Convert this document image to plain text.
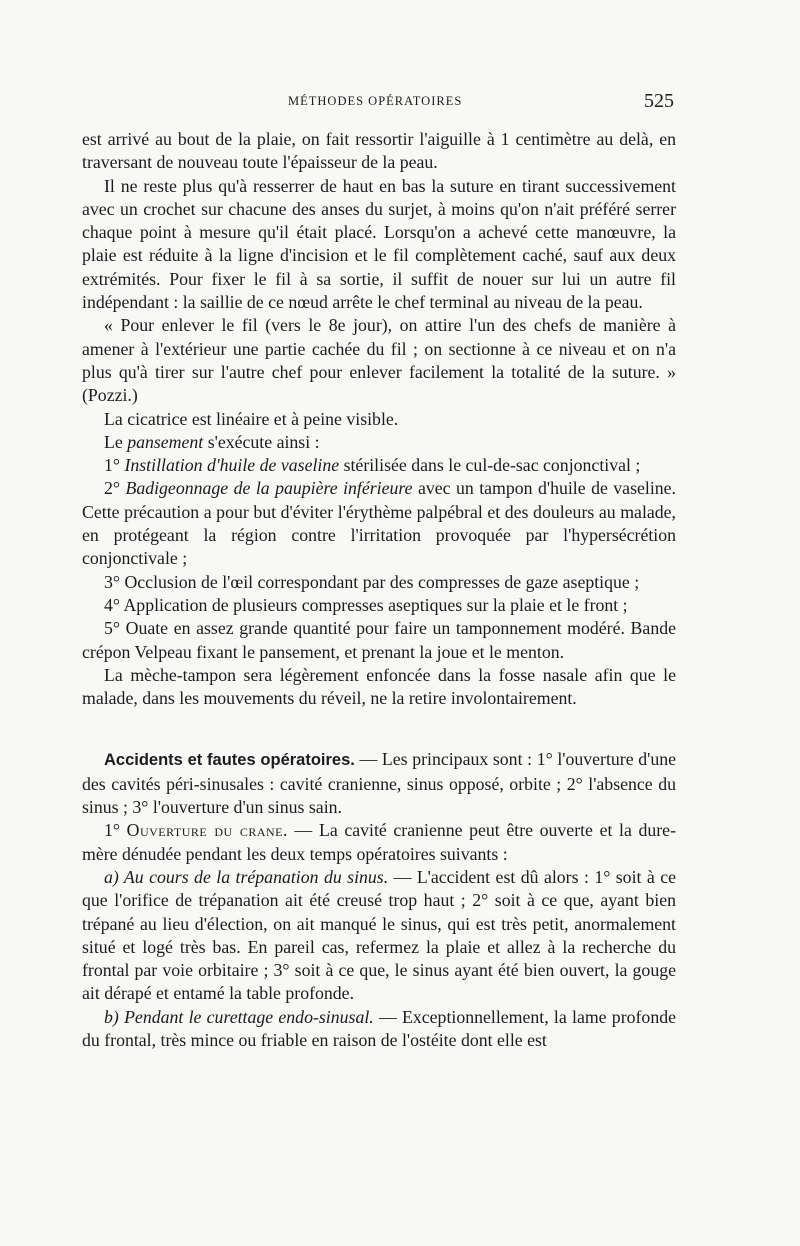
MÉTHODES OPÉRATOIRES	525

est arrivé au bout de la plaie, on fait ressortir l'aiguille à 1 centimètre au delà, en traversant de nouveau toute l'épaisseur de la peau.

Il ne reste plus qu'à resserrer de haut en bas la suture en tirant successivement avec un crochet sur chacune des anses du surjet, à moins qu'on n'ait préféré serrer chaque point à mesure qu'il était placé. Lorsqu'on a achevé cette manœuvre, la plaie est réduite à la ligne d'incision et le fil complètement caché, sauf aux deux extrémités. Pour fixer le fil à sa sortie, il suffit de nouer sur lui un autre fil indépendant : la saillie de ce nœud arrête le chef terminal au niveau de la peau.

« Pour enlever le fil (vers le 8e jour), on attire l'un des chefs de manière à amener à l'extérieur une partie cachée du fil ; on sectionne à ce niveau et on n'a plus qu'à tirer sur l'autre chef pour enlever facilement la totalité de la suture. » (Pozzi.)

La cicatrice est linéaire et à peine visible.

Le pansement s'exécute ainsi :

1° Instillation d'huile de vaseline stérilisée dans le cul-de-sac conjonctival ;

2° Badigeonnage de la paupière inférieure avec un tampon d'huile de vaseline. Cette précaution a pour but d'éviter l'érythème palpébral et des douleurs au malade, en protégeant la région contre l'irritation provoquée par l'hypersécrétion conjonctivale ;

3° Occlusion de l'œil correspondant par des compresses de gaze aseptique ;

4° Application de plusieurs compresses aseptiques sur la plaie et le front ;

5° Ouate en assez grande quantité pour faire un tamponnement modéré. Bande crépon Velpeau fixant le pansement, et prenant la joue et le menton.

La mèche-tampon sera légèrement enfoncée dans la fosse nasale afin que le malade, dans les mouvements du réveil, ne la retire involontairement.

Accidents et fautes opératoires. — Les principaux sont : 1° l'ouverture d'une des cavités péri-sinusales : cavité cranienne, sinus opposé, orbite ; 2° l'absence du sinus ; 3° l'ouverture d'un sinus sain.

1° Ouverture du crane. — La cavité cranienne peut être ouverte et la dure-mère dénudée pendant les deux temps opératoires suivants :

a) Au cours de la trépanation du sinus. — L'accident est dû alors : 1° soit à ce que l'orifice de trépanation ait été creusé trop haut ; 2° soit à ce que, ayant bien trépané au lieu d'élection, on ait manqué le sinus, qui est très petit, anormalement situé et logé très bas. En pareil cas, refermez la plaie et allez à la recherche du frontal par voie orbitaire ; 3° soit à ce que, le sinus ayant été bien ouvert, la gouge ait dérapé et entamé la table profonde.

b) Pendant le curettage endo-sinusal. — Exceptionnellement, la lame profonde du frontal, très mince ou friable en raison de l'ostéite dont elle est
